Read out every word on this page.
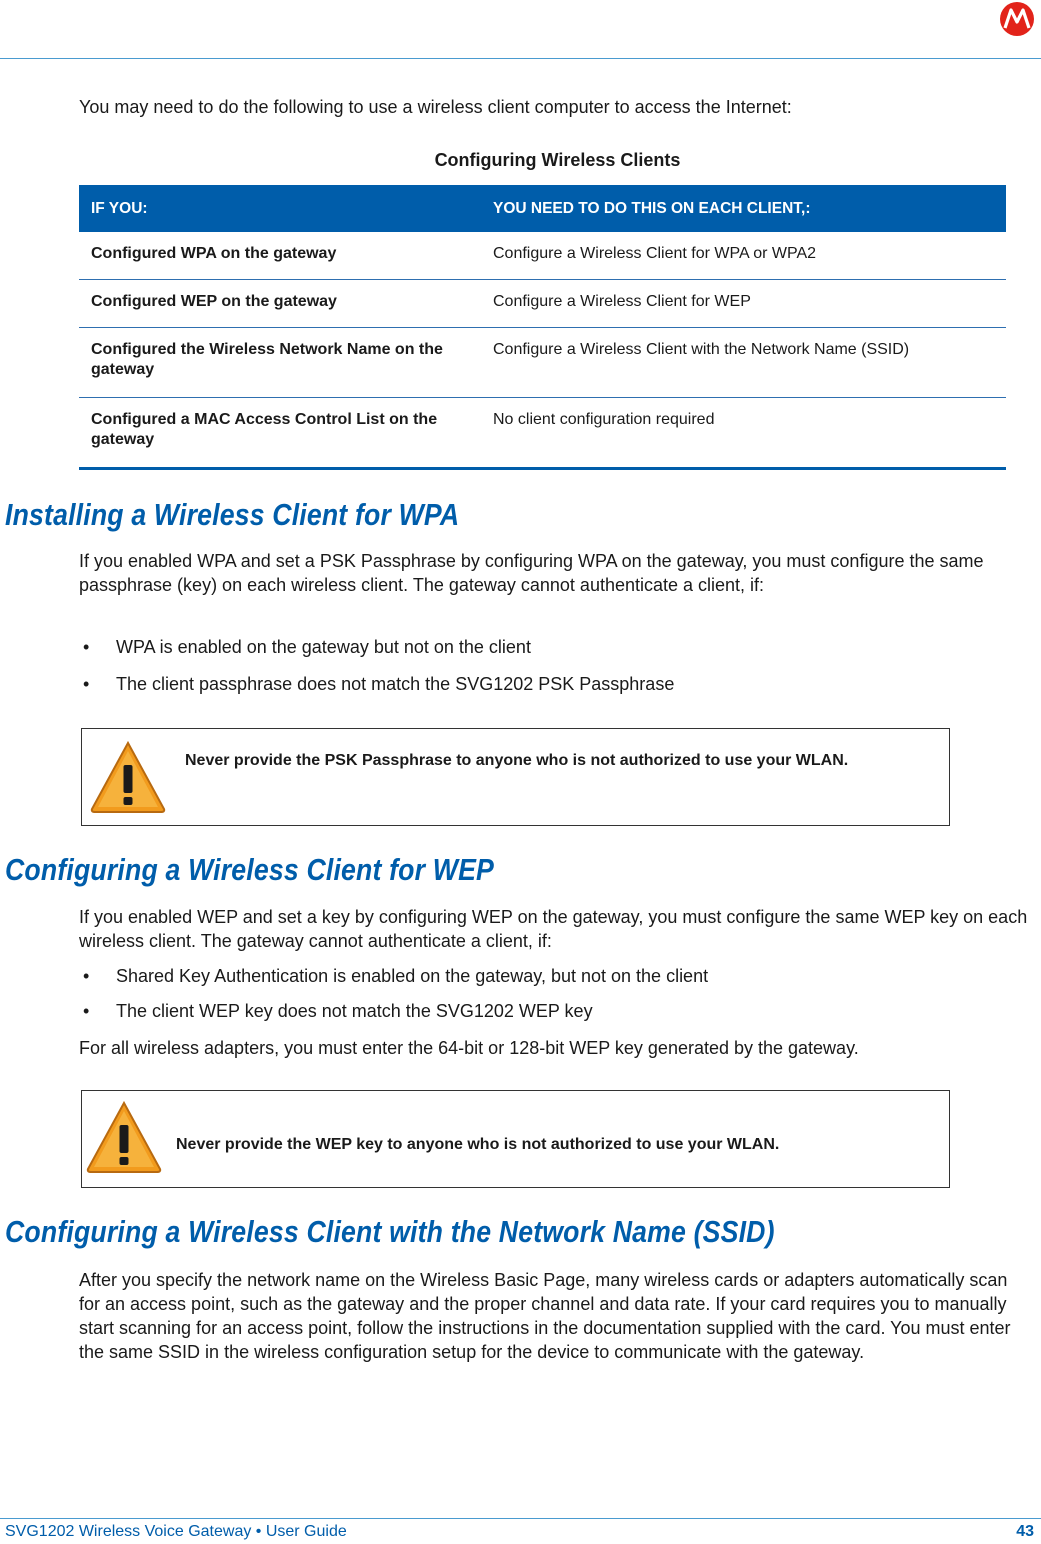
You may need to do the following to use a wireless client computer to access the Internet:

Configuring Wireless Clients

IF YOU:	YOU NEED TO DO THIS ON EACH CLIENT,:
Configured WPA on the gateway	Configure a Wireless Client for WPA or WPA2
Configured WEP on the gateway	Configure a Wireless Client for WEP
Configured the Wireless Network Name on the gateway	Configure a Wireless Client with the Network Name (SSID)
Configured a MAC Access Control List on the gateway	No client configuration required
Installing a Wireless Client for WPA

If you enabled WPA and set a PSK Passphrase by configuring WPA on the gateway, you must configure the same passphrase (key) on each wireless client. The gateway cannot authenticate a client, if:

• WPA is enabled on the gateway but not on the client
• The client passphrase does not match the SVG1202 PSK Passphrase
Never provide the PSK Passphrase to anyone who is not authorized to use your WLAN.
Configuring a Wireless Client for WEP

If you enabled WEP and set a key by configuring WEP on the gateway, you must configure the same WEP key on each wireless client. The gateway cannot authenticate a client, if:

• Shared Key Authentication is enabled on the gateway, but not on the client
• The client WEP key does not match the SVG1202 WEP key

For all wireless adapters, you must enter the 64-bit or 128-bit WEP key generated by the gateway.

Never provide the WEP key to anyone who is not authorized to use your WLAN.
Configuring a Wireless Client with the Network Name (SSID)

After you specify the network name on the Wireless Basic Page, many wireless cards or adapters automatically scan for an access point, such as the gateway and the proper channel and data rate. If your card requires you to manually start scanning for an access point, follow the instructions in the documentation supplied with the card. You must enter the same SSID in the wireless configuration setup for the device to communicate with the gateway.

SVG1202 Wireless Voice Gateway • User Guide	43
